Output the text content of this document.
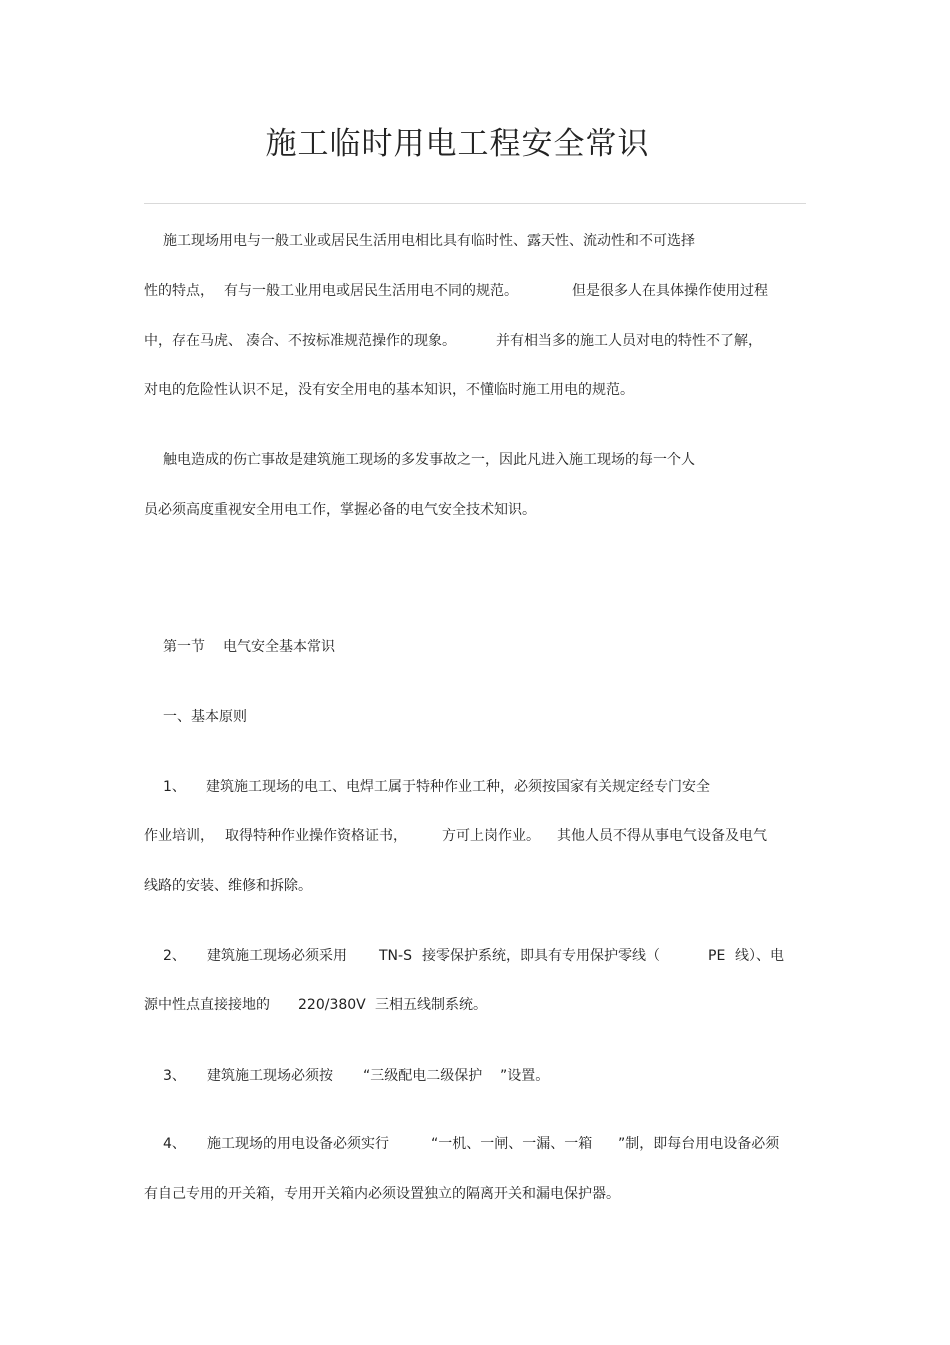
施工临时用电工程安全常识
施工现场用电与一般工业或居民生活用电相比具有临时性、露天性、流动性和不可选择
性的特点， 有与一般工业用电或居民生活用电不同的规范。	但是很多人在具体操作使用过程
中，存在马虎、 凑合、不按标准规范操作的现象。	并有相当多的施工人员对电的特性不了解，
对电的危险性认识不足，没有安全用电的基本知识，不懂临时施工用电的规范。
触电造成的伤亡事故是建筑施工现场的多发事故之一，因此凡进入施工现场的每一个人
员必须高度重视安全用电工作，掌握必备的电气安全技术知识。
第一节 电气安全基本常识
一、基本原则
1、 建筑施工现场的电工、电焊工属于特种作业工种，必须按国家有关规定经专门安全
作业培训， 取得特种作业操作资格证书，	方可上岗作业。 其他人员不得从事电气设备及电气
线路的安装、维修和拆除。
2、 建筑施工现场必须采用 TN-S 接零保护系统，即具有专用保护零线（	PE 线）、电
源中性点直接接地的 220/380V 三相五线制系统。
3、 建筑施工现场必须按 “三级配电二级保护 ”设置。
4、 施工现场的用电设备必须实行	“一机、一闸、一漏、一箱 ”制，即每台用电设备必须
有自己专用的开关箱，专用开关箱内必须设置独立的隔离开关和漏电保护器。
